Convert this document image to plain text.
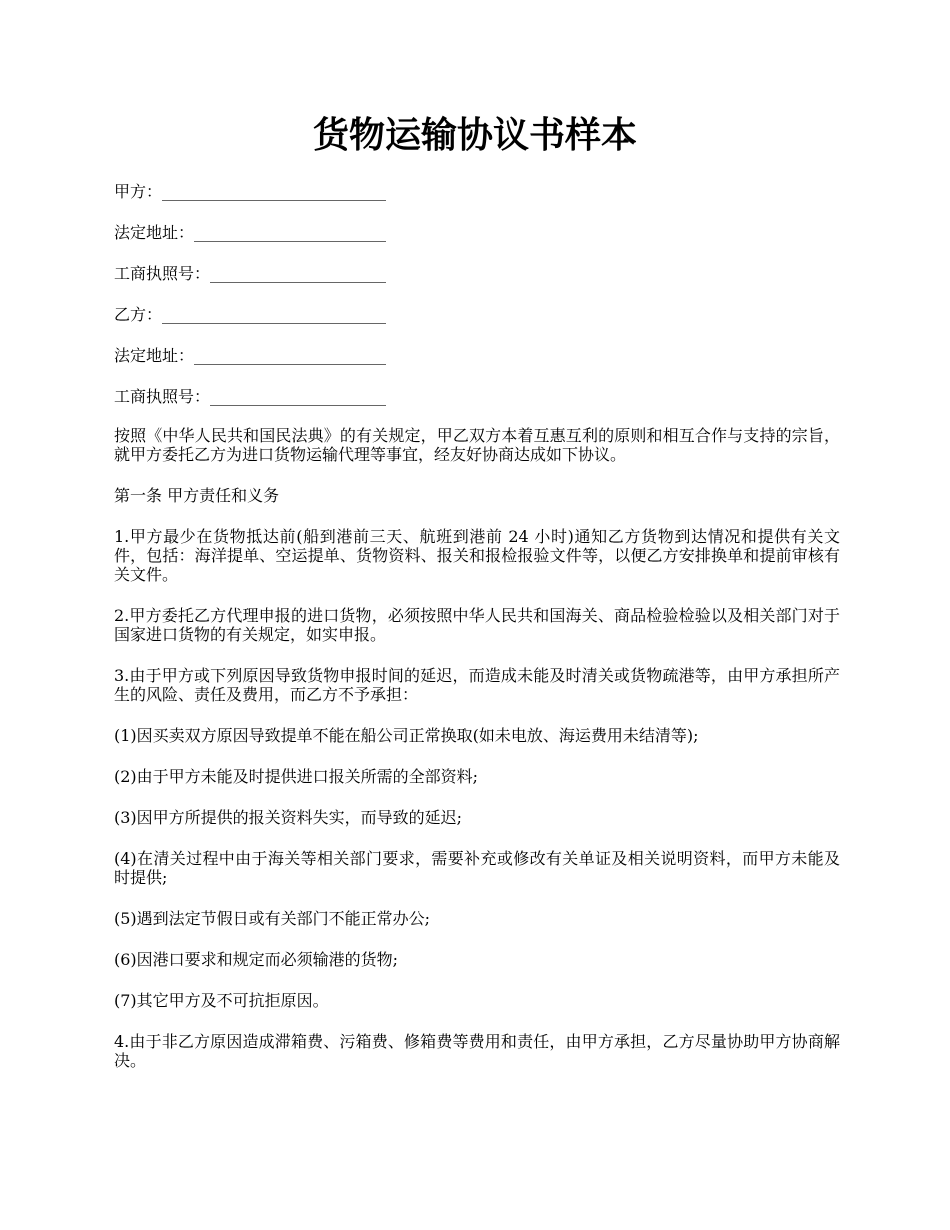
货物运输协议书样本
甲方：____________________________
法定地址：________________________
工商执照号：______________________
乙方：____________________________
法定地址：________________________
工商执照号：______________________

按照《中华人民共和国民法典》的有关规定，甲乙双方本着互惠互利的原则和相互合作与支持的宗旨，就甲方委托乙方为进口货物运输代理等事宜，经友好协商达成如下协议。

第一条 甲方责任和义务

1.甲方最少在货物抵达前(船到港前三天、航班到港前 24 小时)通知乙方货物到达情况和提供有关文件，包括：海洋提单、空运提单、货物资料、报关和报检报验文件等，以便乙方安排换单和提前审核有关文件。

2.甲方委托乙方代理申报的进口货物，必须按照中华人民共和国海关、商品检验检验以及相关部门对于国家进口货物的有关规定，如实申报。

3.由于甲方或下列原因导致货物申报时间的延迟，而造成未能及时清关或货物疏港等，由甲方承担所产生的风险、责任及费用，而乙方不予承担：

(1)因买卖双方原因导致提单不能在船公司正常换取(如未电放、海运费用未结清等);

(2)由于甲方未能及时提供进口报关所需的全部资料;

(3)因甲方所提供的报关资料失实，而导致的延迟;

(4)在清关过程中由于海关等相关部门要求，需要补充或修改有关单证及相关说明资料，而甲方未能及时提供;

(5)遇到法定节假日或有关部门不能正常办公;

(6)因港口要求和规定而必须输港的货物;

(7)其它甲方及不可抗拒原因。

4.由于非乙方原因造成滞箱费、污箱费、修箱费等费用和责任，由甲方承担，乙方尽量协助甲方协商解决。
